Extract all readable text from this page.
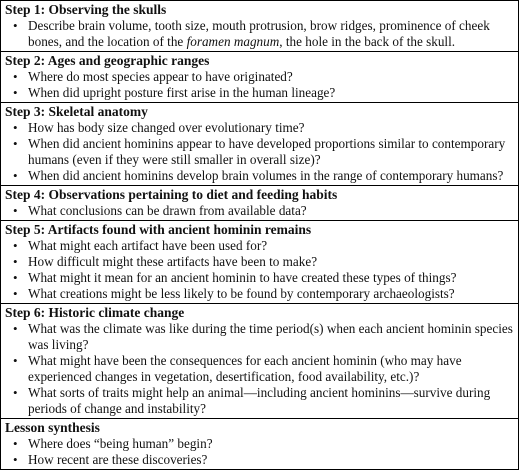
Step 1: Observing the skulls
• Describe brain volume, tooth size, mouth protrusion, brow ridges, prominence of cheek bones, and the location of the foramen magnum, the hole in the back of the skull.
Step 2: Ages and geographic ranges
• Where do most species appear to have originated?
• When did upright posture first arise in the human lineage?
Step 3: Skeletal anatomy
• How has body size changed over evolutionary time?
• When did ancient hominins appear to have developed proportions similar to contemporary humans (even if they were still smaller in overall size)?
• When did ancient hominins develop brain volumes in the range of contemporary humans?
Step 4: Observations pertaining to diet and feeding habits
• What conclusions can be drawn from available data?
Step 5: Artifacts found with ancient hominin remains
• What might each artifact have been used for?
• How difficult might these artifacts have been to make?
• What might it mean for an ancient hominin to have created these types of things?
• What creations might be less likely to be found by contemporary archaeologists?
Step 6: Historic climate change
• What was the climate was like during the time period(s) when each ancient hominin species was living?
• What might have been the consequences for each ancient hominin (who may have experienced changes in vegetation, desertification, food availability, etc.)?
• What sorts of traits might help an animal—including ancient hominins—survive during periods of change and instability?
Lesson synthesis
• Where does “being human” begin?
• How recent are these discoveries?
